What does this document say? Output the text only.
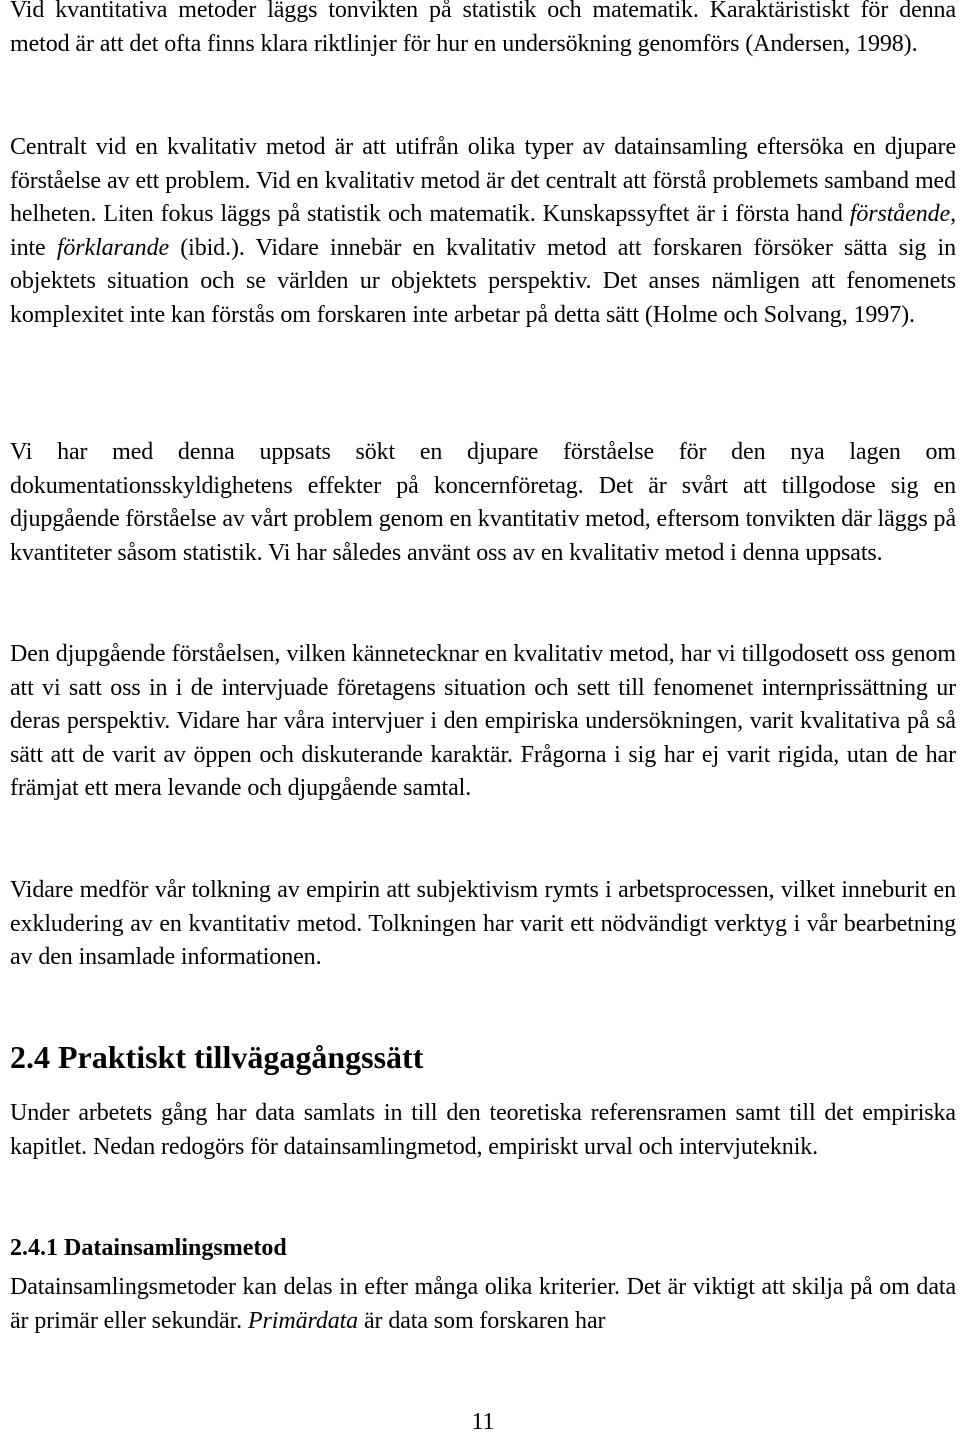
Vid kvantitativa metoder läggs tonvikten på statistik och matematik. Karaktäristiskt för denna metod är att det ofta finns klara riktlinjer för hur en undersökning genomförs (Andersen, 1998).

Centralt vid en kvalitativ metod är att utifrån olika typer av datainsamling eftersöka en djupare förståelse av ett problem. Vid en kvalitativ metod är det centralt att förstå problemets samband med helheten. Liten fokus läggs på statistik och matematik. Kunskapssyftet är i första hand förstående, inte förklarande (ibid.). Vidare innebär en kvalitativ metod att forskaren försöker sätta sig in objektets situation och se världen ur objektets perspektiv. Det anses nämligen att fenomenets komplexitet inte kan förstås om forskaren inte arbetar på detta sätt (Holme och Solvang, 1997).

Vi har med denna uppsats sökt en djupare förståelse för den nya lagen om dokumentationsskyldighetens effekter på koncernföretag. Det är svårt att tillgodose sig en djupgående förståelse av vårt problem genom en kvantitativ metod, eftersom tonvikten där läggs på kvantiteter såsom statistik. Vi har således använt oss av en kvalitativ metod i denna uppsats.

Den djupgående förståelsen, vilken kännetecknar en kvalitativ metod, har vi tillgodosett oss genom att vi satt oss in i de intervjuade företagens situation och sett till fenomenet internprissättning ur deras perspektiv. Vidare har våra intervjuer i den empiriska undersökningen, varit kvalitativa på så sätt att de varit av öppen och diskuterande karaktär. Frågorna i sig har ej varit rigida, utan de har främjat ett mera levande och djupgående samtal.

Vidare medför vår tolkning av empirin att subjektivism rymts i arbetsprocessen, vilket inneburit en exkludering av en kvantitativ metod. Tolkningen har varit ett nödvändigt verktyg i vår bearbetning av den insamlade informationen.

2.4 Praktiskt tillvägagångssätt

Under arbetets gång har data samlats in till den teoretiska referensramen samt till det empiriska kapitlet. Nedan redogörs för datainsamlingmetod, empiriskt urval och intervjuteknik.

2.4.1 Datainsamlingsmetod

Datainsamlingsmetoder kan delas in efter många olika kriterier. Det är viktigt att skilja på om data är primär eller sekundär. Primärdata är data som forskaren har

11
